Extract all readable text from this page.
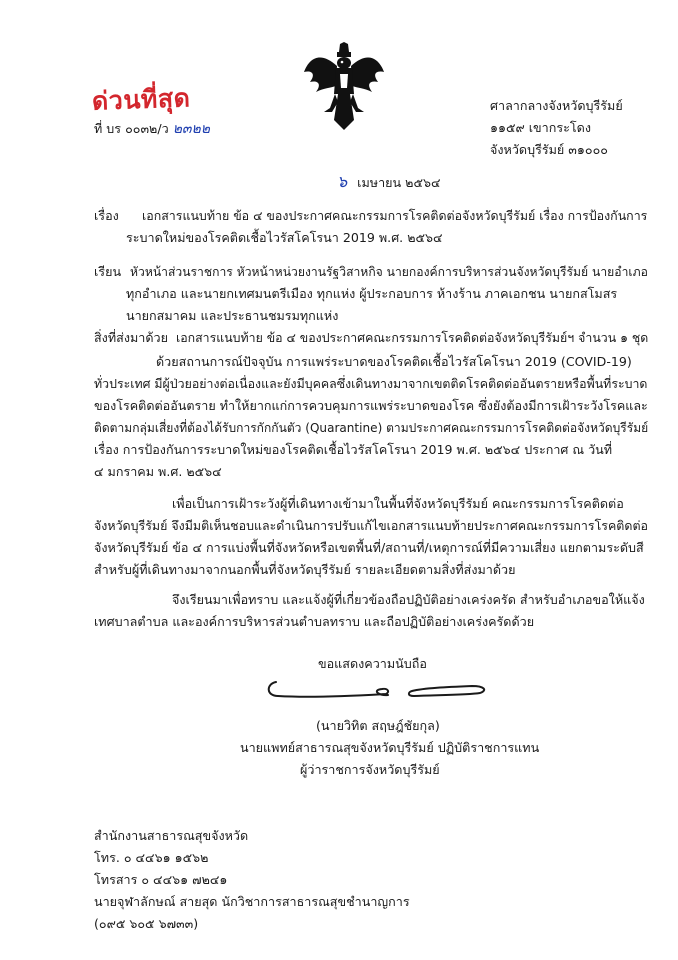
ด่วนที่สุด
ที่ บร ๐๐๓๒/ว ๒๓๒๒
ศาลากลางจังหวัดบุรีรัมย์
๑๑๕๙ เขากระโดง
จังหวัดบุรีรัมย์ ๓๑๐๐๐
๖ เมษายน ๒๕๖๔
เรื่อง เอกสารแนบท้าย ข้อ ๔ ของประกาศคณะกรรมการโรคติดต่อจังหวัดบุรีรัมย์ เรื่อง การป้องกันการ
ระบาดใหม่ของโรคติดเชื้อไวรัสโคโรนา 2019 พ.ศ. ๒๕๖๔
เรียน หัวหน้าส่วนราชการ หัวหน้าหน่วยงานรัฐวิสาหกิจ นายกองค์การบริหารส่วนจังหวัดบุรีรัมย์ นายอำเภอ
ทุกอำเภอ และนายกเทศมนตรีเมือง ทุกแห่ง ผู้ประกอบการ ห้างร้าน ภาคเอกชน นายกสโมสร
นายกสมาคม และประธานชมรมทุกแห่ง
สิ่งที่ส่งมาด้วย เอกสารแนบท้าย ข้อ ๔ ของประกาศคณะกรรมการโรคติดต่อจังหวัดบุรีรัมย์ฯ จำนวน ๑ ชุด
ด้วยสถานการณ์ปัจจุบัน การแพร่ระบาดของโรคติดเชื้อไวรัสโคโรนา 2019 (COVID-19)
ทั่วประเทศ มีผู้ป่วยอย่างต่อเนื่องและยังมีบุคคลซึ่งเดินทางมาจากเขตติดโรคติดต่ออันตรายหรือพื้นที่ระบาด
ของโรคติดต่ออันตราย ทำให้ยากแก่การควบคุมการแพร่ระบาดของโรค ซึ่งยังต้องมีการเฝ้าระวังโรคและ
ติดตามกลุ่มเสี่ยงที่ต้องได้รับการกักกันตัว (Quarantine) ตามประกาศคณะกรรมการโรคติดต่อจังหวัดบุรีรัมย์
เรื่อง การป้องกันการระบาดใหม่ของโรคติดเชื้อไวรัสโคโรนา 2019 พ.ศ. ๒๕๖๔ ประกาศ ณ วันที่
๔ มกราคม พ.ศ. ๒๕๖๔
เพื่อเป็นการเฝ้าระวังผู้ที่เดินทางเข้ามาในพื้นที่จังหวัดบุรีรัมย์ คณะกรรมการโรคติดต่อ
จังหวัดบุรีรัมย์ จึงมีมติเห็นชอบและดำเนินการปรับแก้ไขเอกสารแนบท้ายประกาศคณะกรรมการโรคติดต่อ
จังหวัดบุรีรัมย์ ข้อ ๔ การแบ่งพื้นที่จังหวัดหรือเขตพื้นที่/สถานที่/เหตุการณ์ที่มีความเสี่ยง แยกตามระดับสี
สำหรับผู้ที่เดินทางมาจากนอกพื้นที่จังหวัดบุรีรัมย์ รายละเอียดตามสิ่งที่ส่งมาด้วย
จึงเรียนมาเพื่อทราบ และแจ้งผู้ที่เกี่ยวข้องถือปฏิบัติอย่างเคร่งครัด สำหรับอำเภอขอให้แจ้ง
เทศบาลตำบล และองค์การบริหารส่วนตำบลทราบ และถือปฏิบัติอย่างเคร่งครัดด้วย
ขอแสดงความนับถือ
(นายวิทิต สฤษฎ์ชัยกุล)
นายแพทย์สาธารณสุขจังหวัดบุรีรัมย์ ปฏิบัติราชการแทน
ผู้ว่าราชการจังหวัดบุรีรัมย์
สำนักงานสาธารณสุขจังหวัด
โทร. ๐ ๔๔๖๑ ๑๕๖๒
โทรสาร ๐ ๔๔๖๑ ๗๒๔๑
นายจุฬาลักษณ์ สายสุด นักวิชาการสาธารณสุขชำนาญการ
(๐๙๕ ๖๐๕ ๖๗๓๓)
